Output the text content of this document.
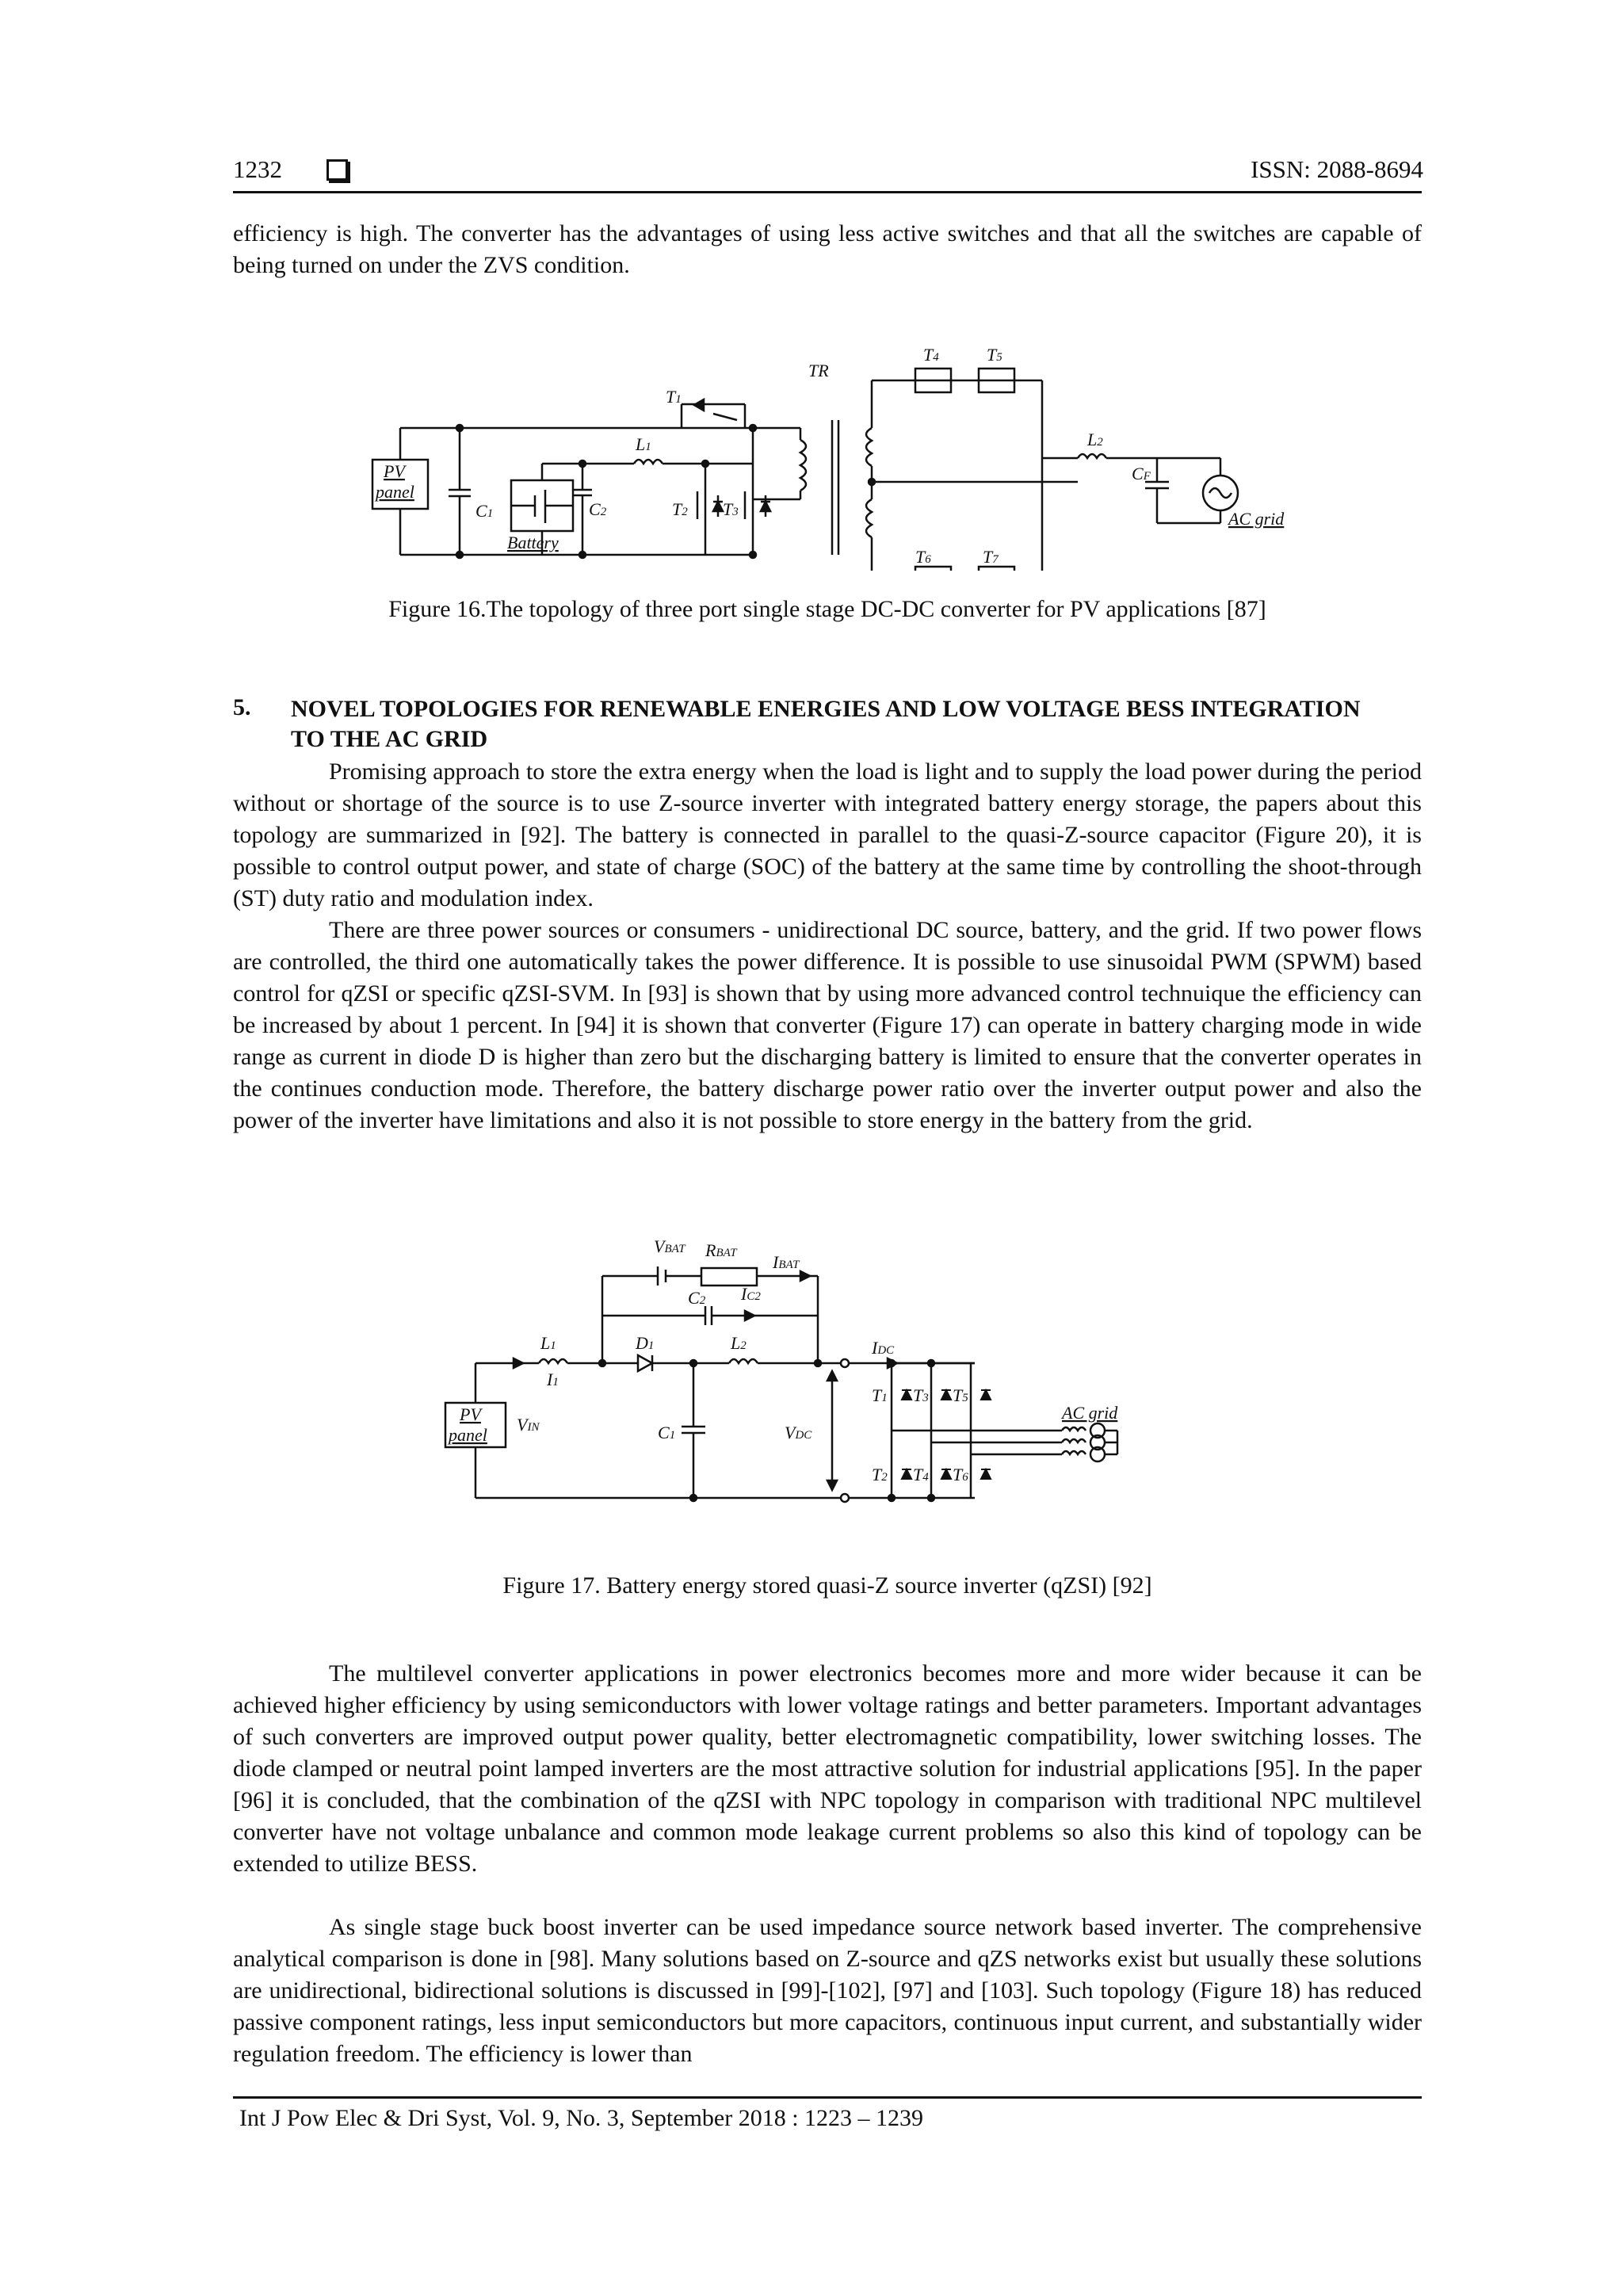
1232	ISSN: 2088-8694

efficiency is high. The converter has the advantages of using less active switches and that all the switches are capable of being turned on under the ZVS condition.

PV
panel
C1
Battery
C2
L1
T1
T2 T3
TR
T4	T5
T6	T7
L2
CF
AC grid
Figure 16.The topology of three port single stage DC-DC converter for PV applications [87]
5. NOVEL TOPOLOGIES FOR RENEWABLE ENERGIES AND LOW VOLTAGE BESS INTEGRATION TO THE AC GRID

Promising approach to store the extra energy when the load is light and to supply the load power during the period without or shortage of the source is to use Z-source inverter with integrated battery energy storage, the papers about this topology are summarized in [92]. The battery is connected in parallel to the quasi-Z-source capacitor (Figure 20), it is possible to control output power, and state of charge (SOC) of the battery at the same time by controlling the shoot-through (ST) duty ratio and modulation index.

There are three power sources or consumers - unidirectional DC source, battery, and the grid. If two power flows are controlled, the third one automatically takes the power difference. It is possible to use sinusoidal PWM (SPWM) based control for qZSI or specific qZSI-SVM. In [93] is shown that by using more advanced control technuique the efficiency can be increased by about 1 percent. In [94] it is shown that converter (Figure 17) can operate in battery charging mode in wide range as current in diode D is higher than zero but the discharging battery is limited to ensure that the converter operates in the continues conduction mode. Therefore, the battery discharge power ratio over the inverter output power and also the power of the inverter have limitations and also it is not possible to store energy in the battery from the grid.

VBAT RBAT IBAT
C2 IC2
L1	D1	L2	IDC
I1
PV
panel
VIN	C1	VDC
T1 T3 T5
T2 T4 T6
AC grid
Figure 17. Battery energy stored quasi-Z source inverter (qZSI) [92]

The multilevel converter applications in power electronics becomes more and more wider because it can be achieved higher efficiency by using semiconductors with lower voltage ratings and better parameters. Important advantages of such converters are improved output power quality, better electromagnetic compatibility, lower switching losses. The diode clamped or neutral point lamped inverters are the most attractive solution for industrial applications [95]. In the paper [96] it is concluded, that the combination of the qZSI with NPC topology in comparison with traditional NPC multilevel converter have not voltage unbalance and common mode leakage current problems so also this kind of topology can be extended to utilize BESS.

As single stage buck boost inverter can be used impedance source network based inverter. The comprehensive analytical comparison is done in [98]. Many solutions based on Z-source and qZS networks exist but usually these solutions are unidirectional, bidirectional solutions is discussed in [99]-[102], [97] and [103]. Such topology (Figure 18) has reduced passive component ratings, less input semiconductors but more capacitors, continuous input current, and substantially wider regulation freedom. The efficiency is lower than

Int J Pow Elec & Dri Syst, Vol. 9, No. 3, September 2018 : 1223 – 1239
